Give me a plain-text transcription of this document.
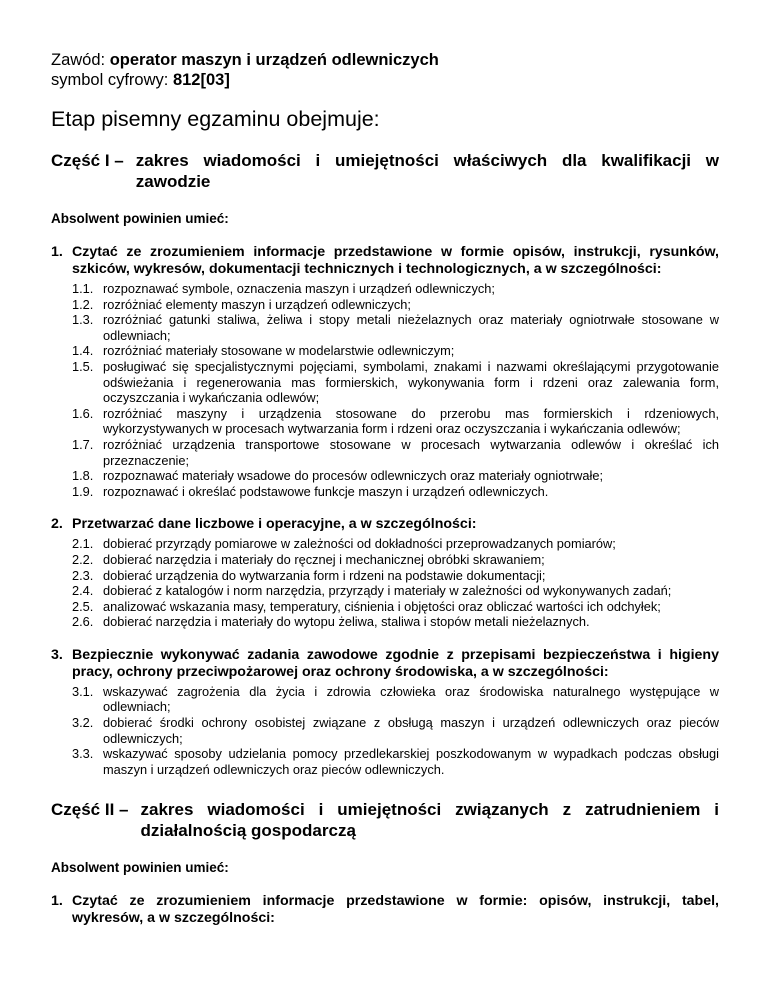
Zawód: operator maszyn i urządzeń odlewniczych

symbol cyfrowy: 812[03]

Etap pisemny egzaminu obejmuje:
Część I – zakres wiadomości i umiejętności właściwych dla kwalifikacji w zawodzie

Absolwent powinien umieć:

1. Czytać ze zrozumieniem informacje przedstawione w formie opisów, instrukcji, rysunków, szkiców, wykresów, dokumentacji technicznych i technologicznych, a w szczególności:
1.1. rozpoznawać symbole, oznaczenia maszyn i urządzeń odlewniczych;
1.2. rozróżniać elementy maszyn i urządzeń odlewniczych;
1.3. rozróżniać gatunki staliwa, żeliwa i stopy metali nieżelaznych oraz materiały ogniotrwałe stosowane w odlewniach;
1.4. rozróżniać materiały stosowane w modelarstwie odlewniczym;
1.5. posługiwać się specjalistycznymi pojęciami, symbolami, znakami i nazwami określającymi przygotowanie odświeżania i regenerowania mas formierskich, wykonywania form i rdzeni oraz zalewania form, oczyszczania i wykańczania odlewów;
1.6. rozróżniać maszyny i urządzenia stosowane do przerobu mas formierskich i rdzeniowych, wykorzystywanych w procesach wytwarzania form i rdzeni oraz oczyszczania i wykańczania odlewów;
1.7. rozróżniać urządzenia transportowe stosowane w procesach wytwarzania odlewów i określać ich przeznaczenie;
1.8. rozpoznawać materiały wsadowe do procesów odlewniczych oraz materiały ogniotrwałe;
1.9. rozpoznawać i określać podstawowe funkcje maszyn i urządzeń odlewniczych.
2. Przetwarzać dane liczbowe i operacyjne, a w szczególności:
2.1. dobierać przyrządy pomiarowe w zależności od dokładności przeprowadzanych pomiarów;
2.2. dobierać narzędzia i materiały do ręcznej i mechanicznej obróbki skrawaniem;
2.3. dobierać urządzenia do wytwarzania form i rdzeni na podstawie dokumentacji;
2.4. dobierać z katalogów i norm narzędzia, przyrządy i materiały w zależności od wykonywanych zadań;
2.5. analizować wskazania masy, temperatury, ciśnienia i objętości oraz obliczać wartości ich odchyłek;
2.6. dobierać narzędzia i materiały do wytopu żeliwa, staliwa i stopów metali nieżelaznych.
3. Bezpiecznie wykonywać zadania zawodowe zgodnie z przepisami bezpieczeństwa i higieny pracy, ochrony przeciwpożarowej oraz ochrony środowiska, a w szczególności:
3.1. wskazywać zagrożenia dla życia i zdrowia człowieka oraz środowiska naturalnego występujące w odlewniach;
3.2. dobierać środki ochrony osobistej związane z obsługą maszyn i urządzeń odlewniczych oraz pieców odlewniczych;
3.3. wskazywać sposoby udzielania pomocy przedlekarskiej poszkodowanym w wypadkach podczas obsługi maszyn i urządzeń odlewniczych oraz pieców odlewniczych.
Część II – zakres wiadomości i umiejętności związanych z zatrudnieniem i działalnością gospodarczą

Absolwent powinien umieć:

1. Czytać ze zrozumieniem informacje przedstawione w formie: opisów, instrukcji, tabel, wykresów, a w szczególności:
